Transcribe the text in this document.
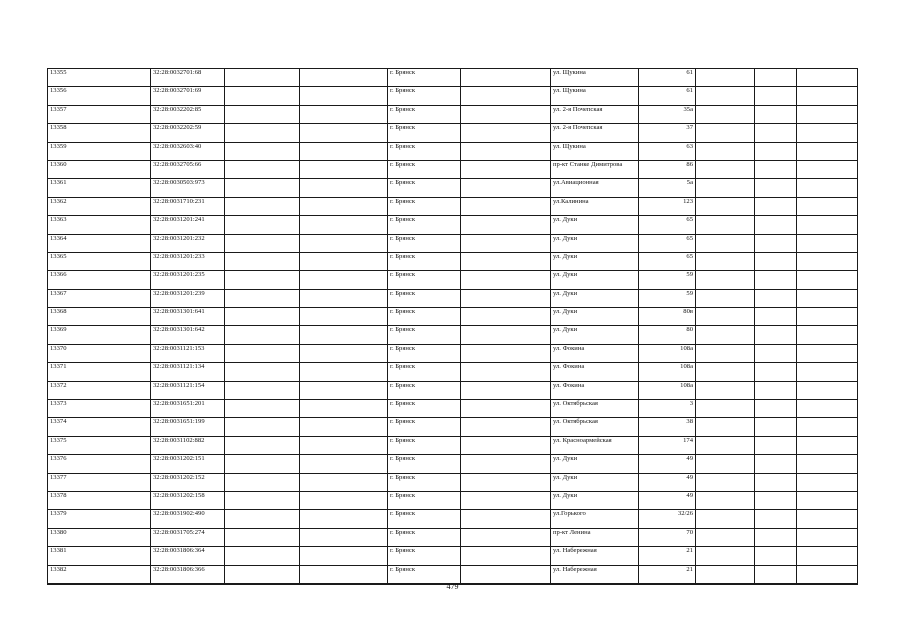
13355	32:28:0032701:68			г. Брянск		ул. Щукина	61			
13356	32:28:0032701:69			г. Брянск		ул. Щукина	61			
13357	32:28:0032202:85			г. Брянск		ул. 2-я Почепская	35а			
13358	32:28:0032202:59			г. Брянск		ул. 2-я Почепская	37			
13359	32:28:0032603:40			г. Брянск		ул. Щукина	63			
13360	32:28:0032705:66			г. Брянск		пр-кт Станке Димитрова	86			
13361	32:28:0030503:973			г. Брянск		ул.Авиационная	5а			
13362	32:28:0031710:231			г. Брянск		ул.Калинина	123			
13363	32:28:0031201:241			г. Брянск		ул. Дуки	65			
13364	32:28:0031201:232			г. Брянск		ул. Дуки	65			
13365	32:28:0031201:233			г. Брянск		ул. Дуки	65			
13366	32:28:0031201:235			г. Брянск		ул. Дуки	59			
13367	32:28:0031201:239			г. Брянск		ул. Дуки	59			
13368	32:28:0031301:641			г. Брянск		ул. Дуки	80в			
13369	32:28:0031301:642			г. Брянск		ул. Дуки	80			
13370	32:28:0031121:153			г. Брянск		ул. Фокина	108а			
13371	32:28:0031121:134			г. Брянск		ул. Фокина	108а			
13372	32:28:0031121:154			г. Брянск		ул. Фокина	108а			
13373	32:28:0031651:201			г. Брянск		ул. Октябрьская	3			
13374	32:28:0031651:199			г. Брянск		ул. Октябрьская	38			
13375	32:28:0031102:882			г. Брянск		ул. Красноармейская	174			
13376	32:28:0031202:151			г. Брянск		ул. Дуки	49			
13377	32:28:0031202:152			г. Брянск		ул. Дуки	49			
13378	32:28:0031202:158			г. Брянск		ул. Дуки	49			
13379	32:28:0031902:490			г. Брянск		ул.Горького	32/26			
13380	32:28:0031705:274			г. Брянск		пр-кт Ленина	70			
13381	32:28:0031806:364			г. Брянск		ул. Набережная	21			
13382	32:28:0031806:366			г. Брянск		ул. Набережная	21			
479
